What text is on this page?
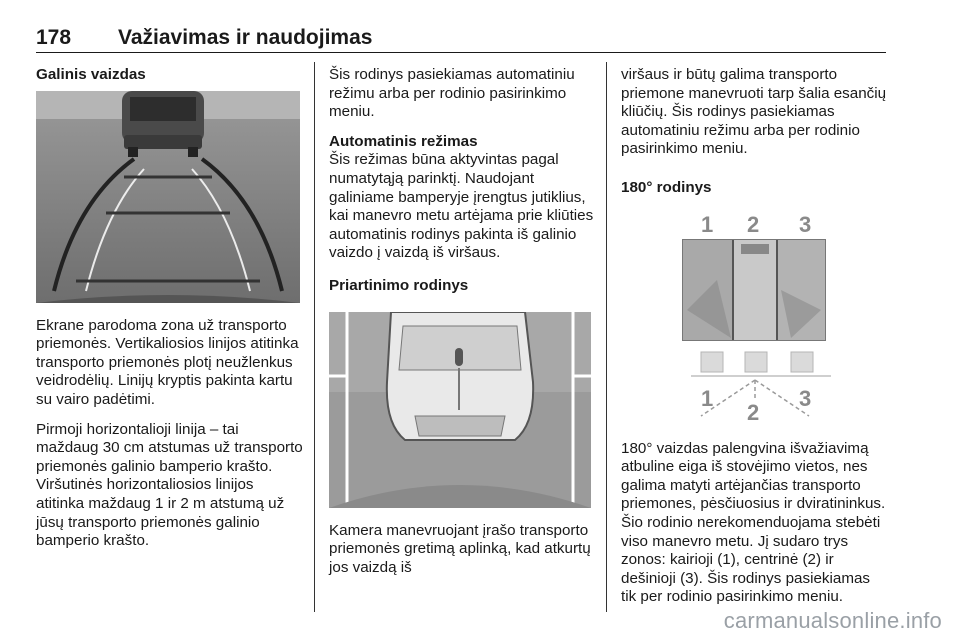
178	Važiavimas ir naudojimas
Galinis vaizdas

Ekrane parodoma zona už transporto priemonės. Vertikaliosios linijos atitinka transporto priemonės plotį neužlenkus veidrodėlių. Linijų kryptis pakinta kartu su vairo padėtimi.

Pirmoji horizontalioji linija – tai maždaug 30 cm atstumas už transporto priemonės galinio bamperio krašto. Viršutinės horizontaliosios linijos atitinka maždaug 1 ir 2 m atstumą už jūsų transporto priemonės galinio bamperio krašto.

Šis rodinys pasiekiamas automatiniu režimu arba per rodinio pasirinkimo meniu.

Automatinis režimas

Šis režimas būna aktyvintas pagal numatytąją parinktį. Naudojant galiniame bamperyje įrengtus jutiklius, kai manevro metu artėjama prie kliūties automatinis rodinys pakinta iš galinio vaizdo į vaizdą iš viršaus.

Priartinimo rodinys

Kamera manevruojant įrašo transporto priemonės gretimą aplinką, kad atkurtų jos vaizdą iš

viršaus ir būtų galima transporto priemone manevruoti tarp šalia esančių kliūčių. Šis rodinys pasiekiamas automatiniu režimu arba per rodinio pasirinkimo meniu.

180° rodinys
1 2 3
1
2
3

180° vaizdas palengvina išvažiavimą atbuline eiga iš stovėjimo vietos, nes galima matyti artėjančias transporto priemones, pėsčiuosius ir dviratininkus. Šio rodinio nerekomenduojama stebėti viso manevro metu. Jį sudaro trys zonos: kairioji (1), centrinė (2) ir dešinioji (3). Šis rodinys pasiekiamas tik per rodinio pasirinkimo meniu.

carmanualsonline.info
